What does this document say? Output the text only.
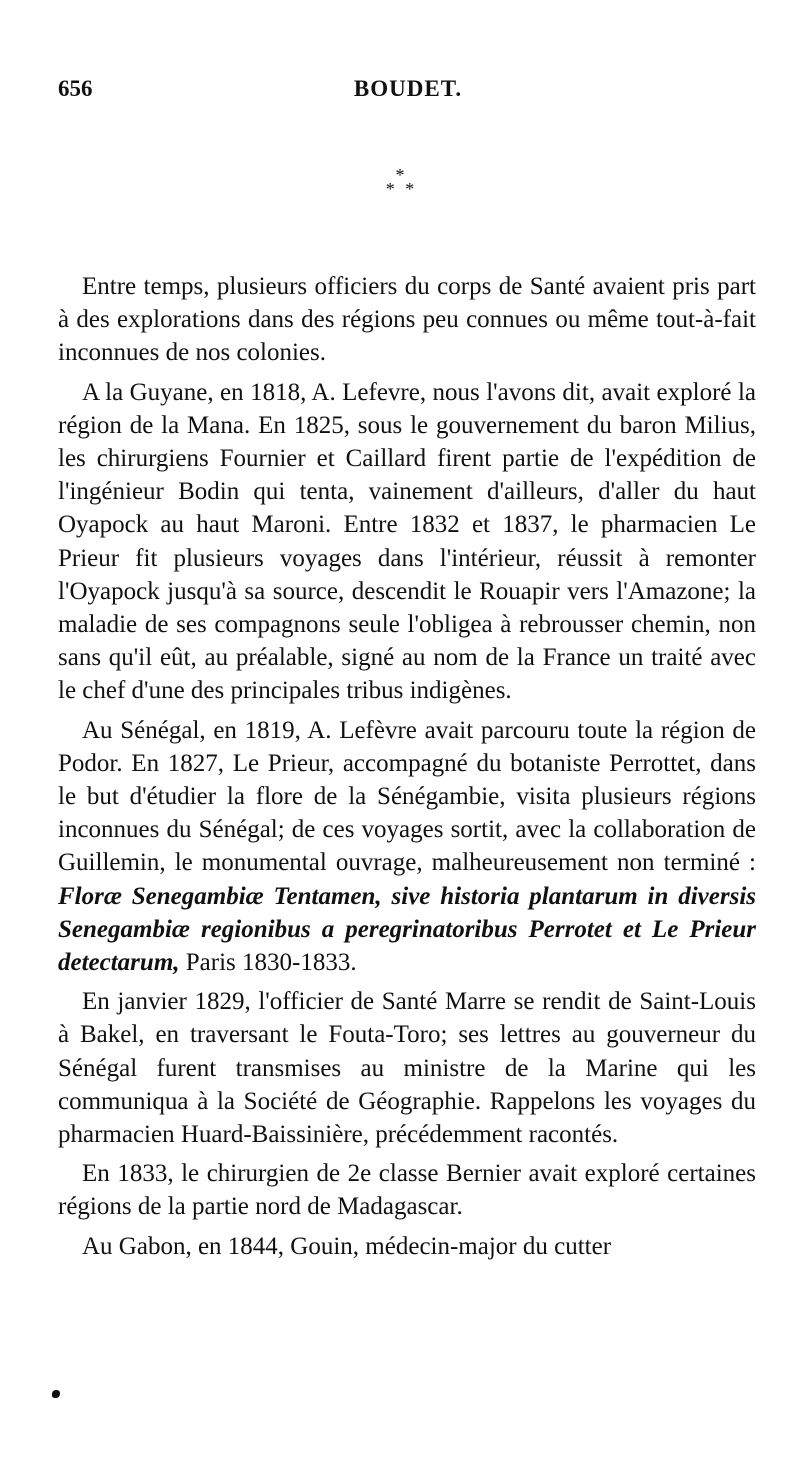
656	BOUDET.
*
* *

Entre temps, plusieurs officiers du corps de Santé avaient pris part à des explorations dans des régions peu connues ou même tout-à-fait inconnues de nos colonies.

A la Guyane, en 1818, A. Lefevre, nous l'avons dit, avait exploré la région de la Mana. En 1825, sous le gouvernement du baron Milius, les chirurgiens Fournier et Caillard firent partie de l'expédition de l'ingénieur Bodin qui tenta, vainement d'ailleurs, d'aller du haut Oyapock au haut Maroni. Entre 1832 et 1837, le pharmacien Le Prieur fit plusieurs voyages dans l'intérieur, réussit à remonter l'Oyapock jusqu'à sa source, descendit le Rouapir vers l'Amazone; la maladie de ses compagnons seule l'obligea à rebrousser chemin, non sans qu'il eût, au préalable, signé au nom de la France un traité avec le chef d'une des principales tribus indigènes.

Au Sénégal, en 1819, A. Lefèvre avait parcouru toute la région de Podor. En 1827, Le Prieur, accompagné du botaniste Perrottet, dans le but d'étudier la flore de la Sénégambie, visita plusieurs régions inconnues du Sénégal; de ces voyages sortit, avec la collaboration de Guillemin, le monumental ouvrage, malheureusement non terminé : Floræ Senegambiæ Tentamen, sive historia plantarum in diversis Senegambiæ regionibus a peregrinatoribus Perrotet et Le Prieur detectarum, Paris 1830-1833.

En janvier 1829, l'officier de Santé Marre se rendit de Saint-Louis à Bakel, en traversant le Fouta-Toro; ses lettres au gouverneur du Sénégal furent transmises au ministre de la Marine qui les communiqua à la Société de Géographie. Rappelons les voyages du pharmacien Huard-Baissinière, précédemment racontés.

En 1833, le chirurgien de 2e classe Bernier avait exploré certaines régions de la partie nord de Madagascar.

Au Gabon, en 1844, Gouin, médecin-major du cutter
